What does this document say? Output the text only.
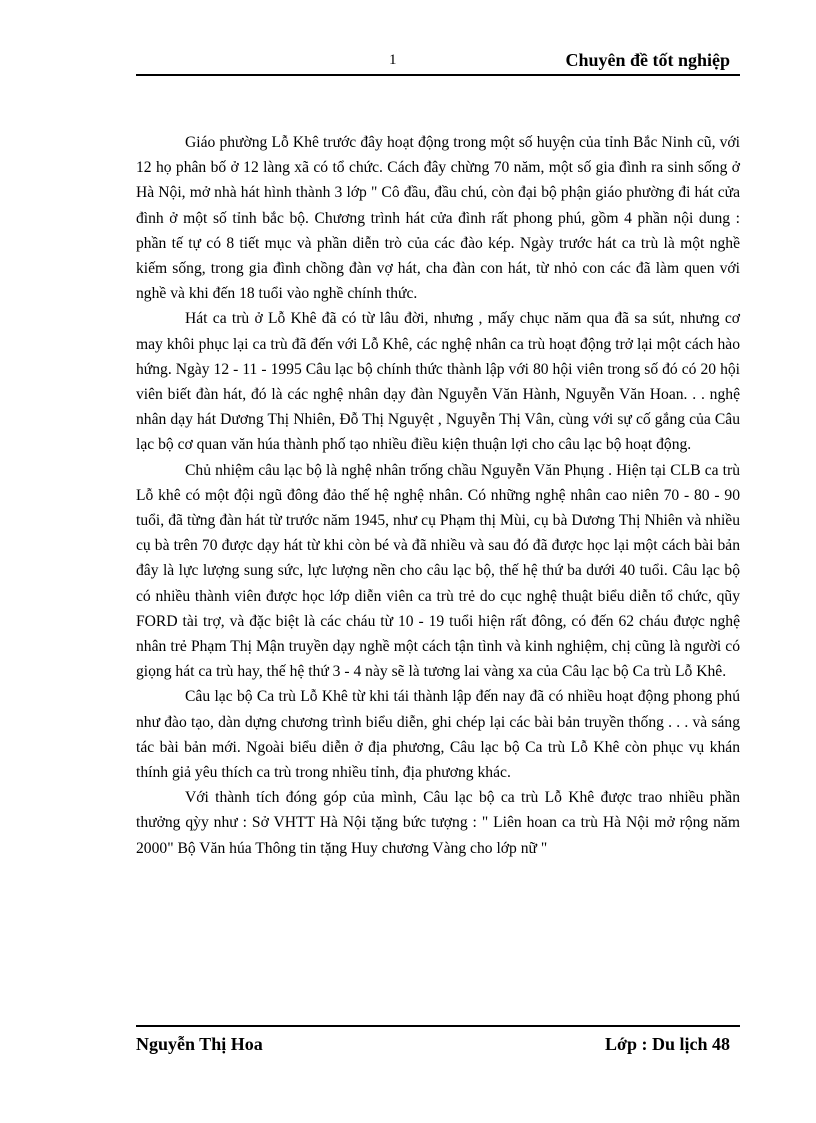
1	Chuyên đề tốt nghiệp

Giáo phường Lỗ Khê trước đây hoạt động trong một số huyện của tỉnh Bắc Ninh cũ, với 12 họ phân bố ở 12 làng xã có tổ chức. Cách đây chừng 70 năm, một số gia đình ra sinh sống ở Hà Nội, mở nhà hát hình thành 3 lớp " Cô đầu, đầu chú, còn đại bộ phận giáo phường đi hát cửa đình ở một số tỉnh bắc bộ. Chương trình hát cửa đình rất phong phú, gồm 4 phần nội dung : phần tế tự có 8 tiết mục và phần diễn trò của các đào kép. Ngày trước hát ca trù là một nghề kiếm sống, trong gia đình chồng đàn vợ hát, cha đàn con hát, từ nhỏ con các đã làm quen với nghề và khi đến 18 tuổi vào nghề chính thức.

Hát ca trù ở Lỗ Khê đã có từ lâu đời, nhưng , mấy chục năm qua đã sa sút, nhưng cơ may khôi phục lại ca trù đã đến với Lỗ Khê, các nghệ nhân ca trù hoạt động trở lại một cách hào hứng. Ngày 12 - 11 - 1995 Câu lạc bộ chính thức thành lập với 80 hội viên trong số đó có 20 hội viên biết đàn hát, đó là các nghệ nhân dạy đàn Nguyễn Văn Hành, Nguyễn Văn Hoan. . . nghệ nhân dạy hát Dương Thị Nhiên, Đỗ Thị Nguyệt , Nguyễn Thị Vân, cùng với sự cố gắng của Câu lạc bộ cơ quan văn húa thành phố tạo nhiều điều kiện thuận lợi cho câu lạc bộ hoạt động.

Chủ nhiệm câu lạc bộ là nghệ nhân trống chầu Nguyễn Văn Phụng . Hiện tại CLB ca trù Lỗ khê có một đội ngũ đông đảo thế hệ nghệ nhân. Có những nghệ nhân cao niên 70 - 80 - 90 tuổi, đã từng đàn hát từ trước năm 1945, như cụ Phạm thị Mùi, cụ bà Dương Thị Nhiên và nhiều cụ bà trên 70 được dạy hát từ khi còn bé và đã nhiều và sau đó đã được học lại một cách bài bản đây là lực lượng sung sức, lực lượng nền cho câu lạc bộ, thế hệ thứ ba dưới 40 tuổi. Câu lạc bộ có nhiều thành viên được học lớp diễn viên ca trù trẻ do cục nghệ thuật biểu diễn tổ chức, qũy FORD tài trợ, và đặc biệt là các cháu từ 10 - 19 tuổi hiện rất đông, có đến 62 cháu được nghệ nhân trẻ Phạm Thị Mận truyền dạy nghề một cách tận tình và kinh nghiệm, chị cũng là người có giọng hát ca trù hay, thế hệ thứ 3 - 4 này sẽ là tương lai vàng xa của Câu lạc bộ Ca trù Lỗ Khê.

Câu lạc bộ Ca trù Lỗ Khê từ khi tái thành lập đến nay đã có nhiều hoạt động phong phú như đào tạo, dàn dựng chương trình biểu diễn, ghi chép lại các bài bản truyền thống . . . và sáng tác bài bản mới. Ngoài biểu diễn ở địa phương, Câu lạc bộ Ca trù Lỗ Khê còn phục vụ khán thính giả yêu thích ca trù trong nhiều tỉnh, địa phương khác.

Với thành tích đóng góp của mình, Câu lạc bộ ca trù Lỗ Khê được trao nhiều phần thưởng qỳy như : Sở VHTT Hà Nội tặng bức tượng : " Liên hoan ca trù Hà Nội mở rộng năm 2000" Bộ Văn húa Thông tin tặng Huy chương Vàng cho lớp nữ "

Nguyễn Thị Hoa	Lớp : Du lịch 48
